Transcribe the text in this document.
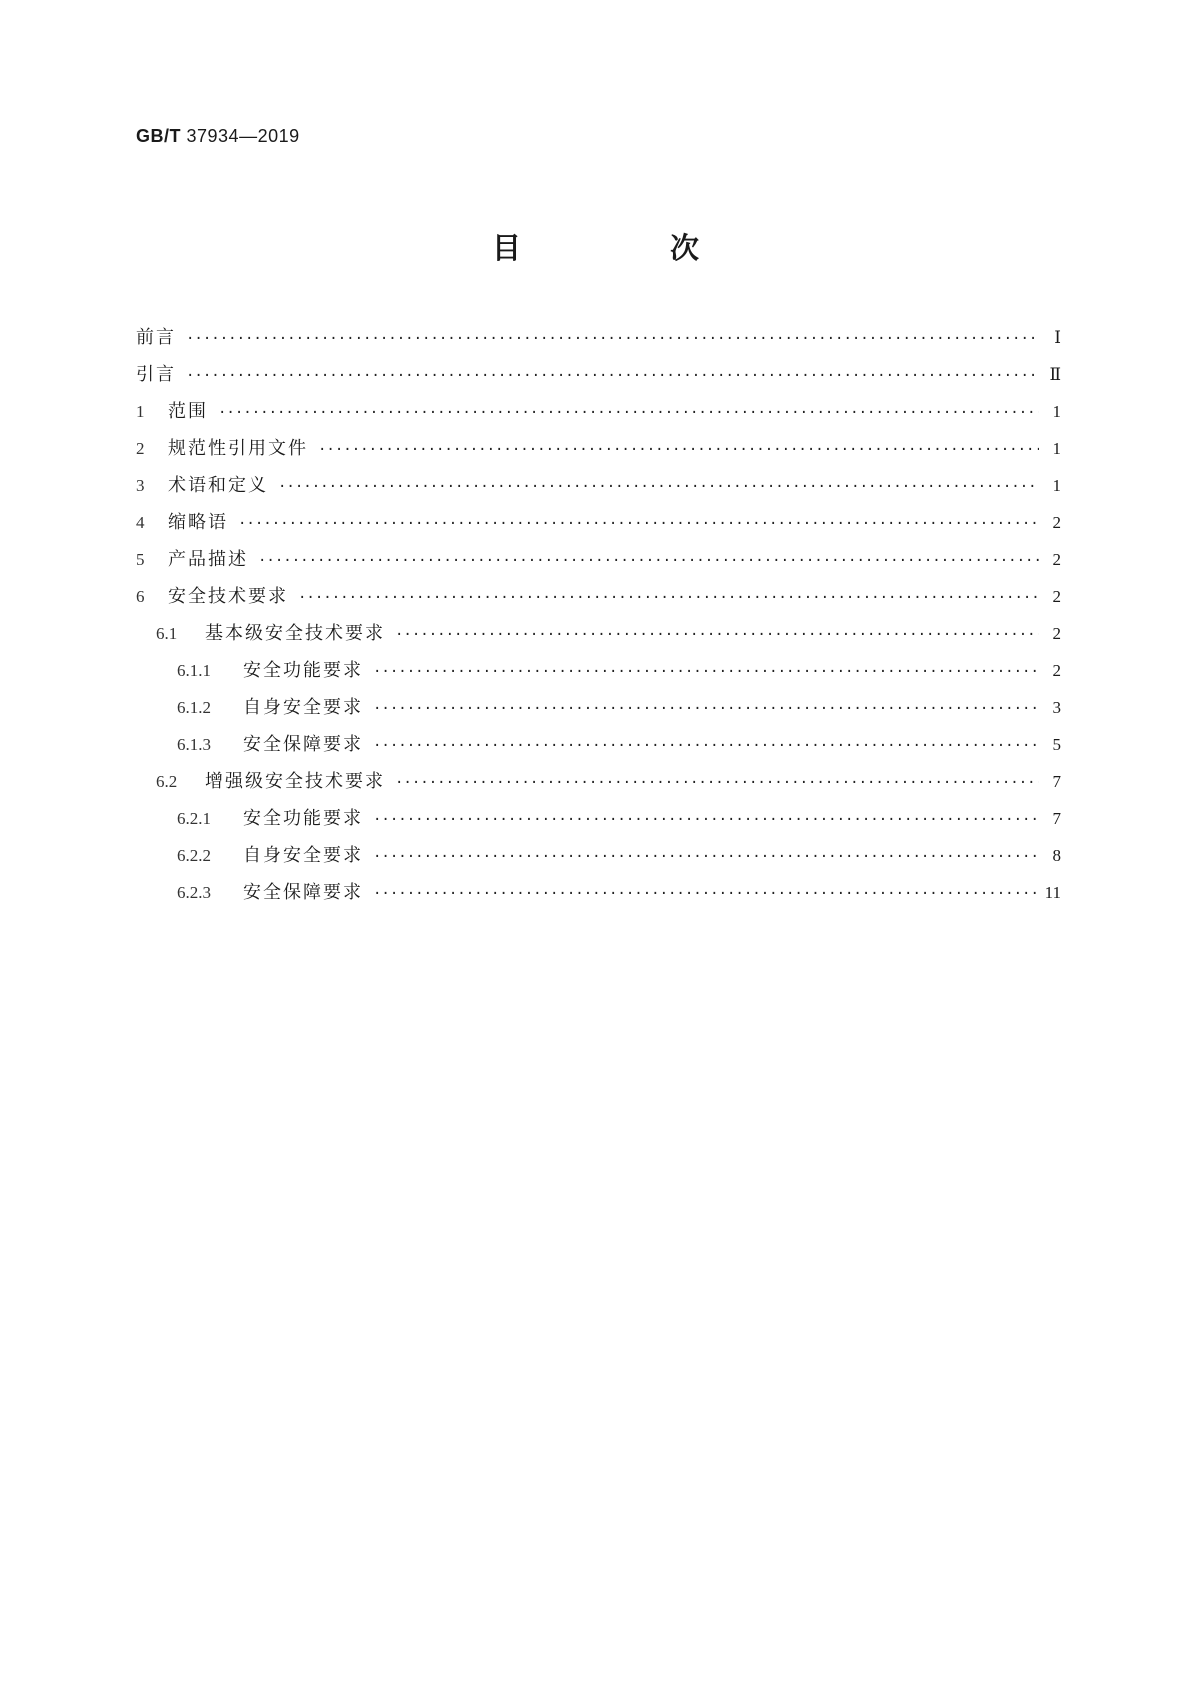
GB/T 37934—2019
目　次
前言 ·····	Ⅰ
引言 ·····	Ⅱ
1	范围 ·····	1
2	规范性引用文件 ·····	1
3	术语和定义 ·····	1
4	缩略语 ·····	2
5	产品描述 ·····	2
6	安全技术要求 ·····	2
6.1	基本级安全技术要求 ·····	2
6.1.1	安全功能要求 ·····	2
6.1.2	自身安全要求 ·····	3
6.1.3	安全保障要求 ·····	5
6.2	增强级安全技术要求 ·····	7
6.2.1	安全功能要求 ·····	7
6.2.2	自身安全要求 ·····	8
6.2.3	安全保障要求 ·····	11
